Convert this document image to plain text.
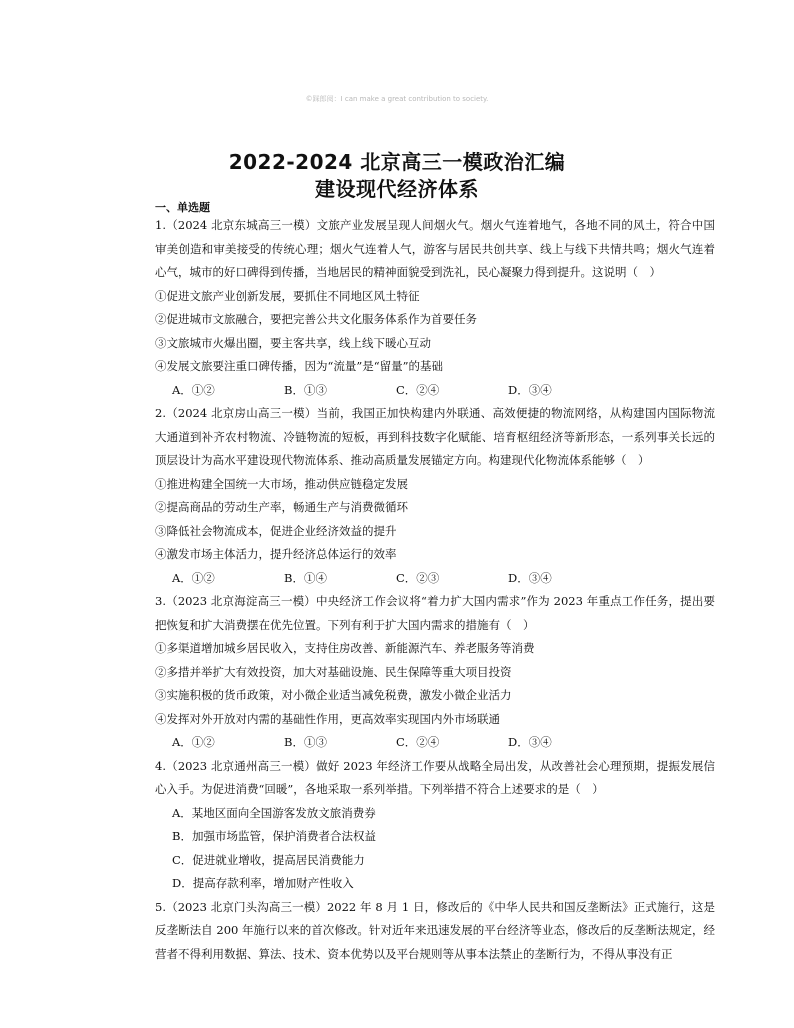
©踩郎阅：I can make a great contribution to society.
2022-2024 北京高三一模政治汇编
建设现代经济体系
一、单选题

1.（2024 北京东城高三一模）文旅产业发展呈现人间烟火气。烟火气连着地气，各地不同的风土，符合中国审美创造和审美接受的传统心理；烟火气连着人气，游客与居民共创共享、线上与线下共情共鸣；烟火气连着心气，城市的好口碑得到传播，当地居民的精神面貌受到洗礼，民心凝聚力得到提升。这说明（　）

①促进文旅产业创新发展，要抓住不同地区风土特征

②促进城市文旅融合，要把完善公共文化服务体系作为首要任务

③文旅城市火爆出圈，要主客共享，线上线下暖心互动

④发展文旅要注重口碑传播，因为“流量”是“留量”的基础

A．①②	B．①③	C．②④	D．③④

2.（2024 北京房山高三一模）当前，我国正加快构建内外联通、高效便捷的物流网络，从构建国内国际物流大通道到补齐农村物流、冷链物流的短板，再到科技数字化赋能、培育枢纽经济等新形态，一系列事关长远的顶层设计为高水平建设现代物流体系、推动高质量发展锚定方向。构建现代化物流体系能够（　）

①推进构建全国统一大市场，推动供应链稳定发展

②提高商品的劳动生产率，畅通生产与消费微循环

③降低社会物流成本，促进企业经济效益的提升

④激发市场主体活力，提升经济总体运行的效率

A．①②	B．①④	C．②③	D．③④

3.（2023 北京海淀高三一模）中央经济工作会议将“着力扩大国内需求”作为 2023 年重点工作任务，提出要把恢复和扩大消费摆在优先位置。下列有利于扩大国内需求的措施有（　）

①多渠道增加城乡居民收入，支持住房改善、新能源汽车、养老服务等消费

②多措并举扩大有效投资，加大对基础设施、民生保障等重大项目投资

③实施积极的货币政策，对小微企业适当减免税费，激发小微企业活力

④发挥对外开放对内需的基础性作用，更高效率实现国内外市场联通

A．①②	B．①③	C．②④	D．③④

4.（2023 北京通州高三一模）做好 2023 年经济工作要从战略全局出发，从改善社会心理预期，提振发展信心入手。为促进消费“回暖”，各地采取一系列举措。下列举措不符合上述要求的是（　）

A．某地区面向全国游客发放文旅消费券
B．加强市场监管，保护消费者合法权益
C．促进就业增收，提高居民消费能力
D．提高存款利率，增加财产性收入

5.（2023 北京门头沟高三一模）2022 年 8 月 1 日，修改后的《中华人民共和国反垄断法》正式施行，这是反垄断法自 200 年施行以来的首次修改。针对近年来迅速发展的平台经济等业态，修改后的反垄断法规定，经营者不得利用数据、算法、技术、资本优势以及平台规则等从事本法禁止的垄断行为，不得从事没有正
